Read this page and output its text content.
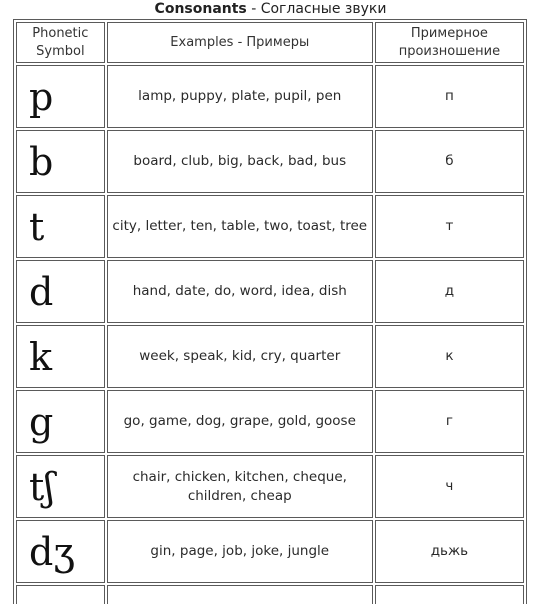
Consonants - Согласные звуки
Phonetic Symbol	Examples - Примеры	Примерное произношение
p	lamp, puppy, plate, pupil, pen	п
b	board, club, big, back, bad, bus	б
t	city, letter, ten, table, two, toast, tree	т
d	hand, date, do, word, idea, dish	д
k	week, speak, kid, cry, quarter	к
g	go, game, dog, grape, gold, goose	г
tʃ	chair, chicken, kitchen, cheque, children, cheap	ч
dʒ	gin, page, job, joke, jungle	дьжь
